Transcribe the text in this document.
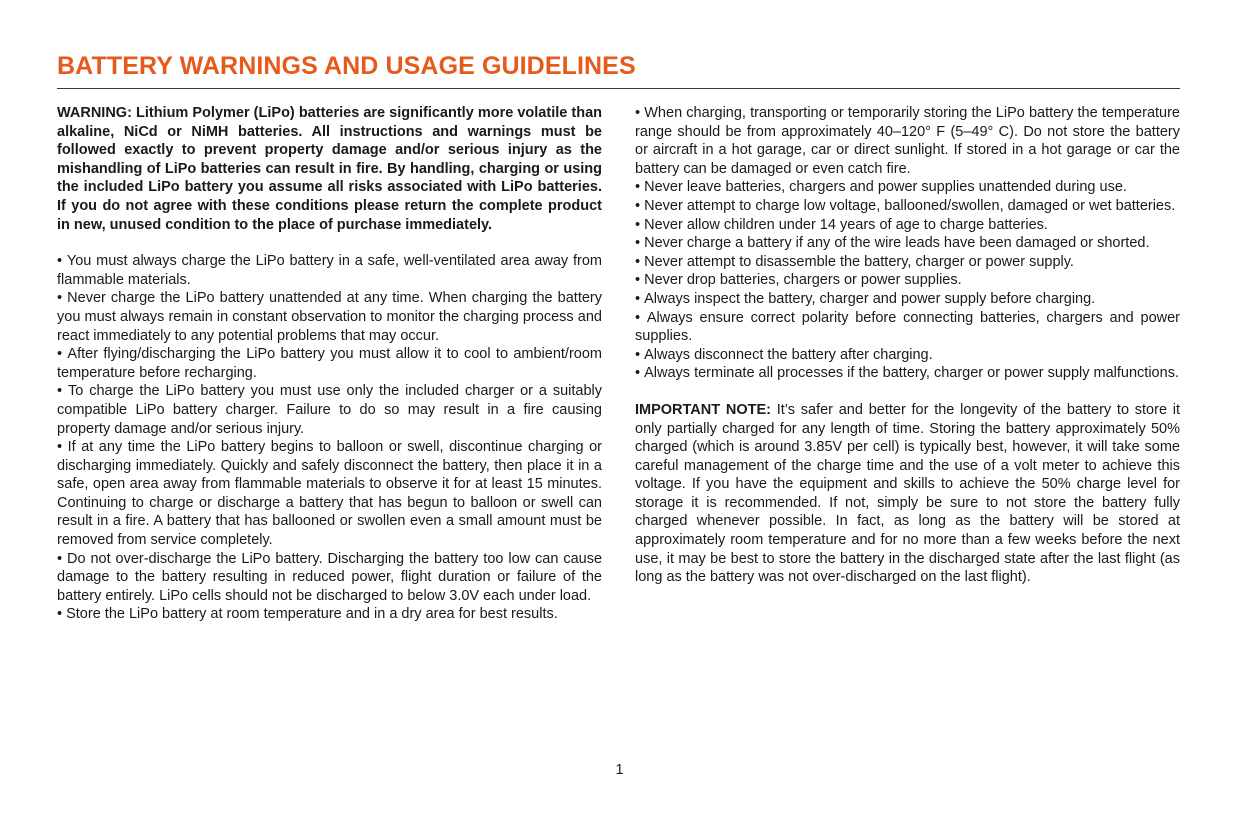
BATTERY WARNINGS AND USAGE GUIDELINES

WARNING: Lithium Polymer (LiPo) batteries are significantly more volatile than alkaline, NiCd or NiMH batteries. All instructions and warnings must be followed exactly to prevent property damage and/or serious injury as the mishandling of LiPo batteries can result in fire. By handling, charging or using the included LiPo battery you assume all risks associated with LiPo batteries. If you do not agree with these conditions please return the complete product in new, unused condition to the place of purchase immediately.

• You must always charge the LiPo battery in a safe, well-ventilated area away from flammable materials.

• Never charge the LiPo battery unattended at any time. When charging the battery you must always remain in constant observation to monitor the charging process and react immediately to any potential problems that may occur.

• After flying/discharging the LiPo battery you must allow it to cool to ambient/room temperature before recharging.

• To charge the LiPo battery you must use only the included charger or a suitably compatible LiPo battery charger. Failure to do so may result in a fire causing property damage and/or serious injury.

• If at any time the LiPo battery begins to balloon or swell, discontinue charging or discharging immediately. Quickly and safely disconnect the battery, then place it in a safe, open area away from flammable materials to observe it for at least 15 minutes. Continuing to charge or discharge a battery that has begun to balloon or swell can result in a fire. A battery that has ballooned or swollen even a small amount must be removed from service completely.

• Do not over-discharge the LiPo battery. Discharging the battery too low can cause damage to the battery resulting in reduced power, flight duration or failure of the battery entirely. LiPo cells should not be discharged to below 3.0V each under load.

• Store the LiPo battery at room temperature and in a dry area for best results.

• When charging, transporting or temporarily storing the LiPo battery the temperature range should be from approximately 40–120° F (5–49° C). Do not store the battery or aircraft in a hot garage, car or direct sunlight. If stored in a hot garage or car the battery can be damaged or even catch fire.

• Never leave batteries, chargers and power supplies unattended during use.

• Never attempt to charge low voltage, ballooned/swollen, damaged or wet batteries.

• Never allow children under 14 years of age to charge batteries.

• Never charge a battery if any of the wire leads have been damaged or shorted.

• Never attempt to disassemble the battery, charger or power supply.

• Never drop batteries, chargers or power supplies.

• Always inspect the battery, charger and power supply before charging.

• Always ensure correct polarity before connecting batteries, chargers and power supplies.

• Always disconnect the battery after charging.

• Always terminate all processes if the battery, charger or power supply malfunctions.

IMPORTANT NOTE: It’s safer and better for the longevity of the battery to store it only partially charged for any length of time. Storing the battery approximately 50% charged (which is around 3.85V per cell) is typically best, however, it will take some careful management of the charge time and the use of a volt meter to achieve this voltage. If you have the equipment and skills to achieve the 50% charge level for storage it is recommended. If not, simply be sure to not store the battery fully charged whenever possible. In fact, as long as the battery will be stored at approximately room temperature and for no more than a few weeks before the next use, it may be best to store the battery in the discharged state after the last flight (as long as the battery was not over-discharged on the last flight).

1
